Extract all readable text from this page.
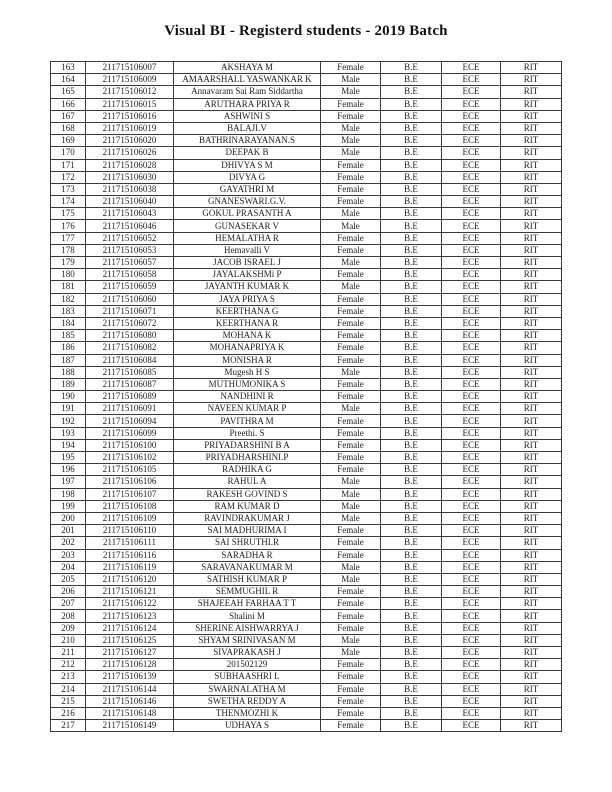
Visual BI - Registerd students - 2019 Batch
163	211715106007	AKSHAYA M	Female	B.E	ECE	RIT
164	211715106009	AMAARSHALL YASWANKAR K	Male	B.E	ECE	RIT
165	211715106012	Annavaram Sai Ram Siddartha	Male	B.E	ECE	RIT
166	211715106015	ARUTHARA PRIYA R	Female	B.E	ECE	RIT
167	211715106016	ASHWINI S	Female	B.E	ECE	RIT
168	211715106019	BALAJI.V	Male	B.E	ECE	RIT
169	211715106020	BATHRINARAYANAN.S	Male	B.E	ECE	RIT
170	211715106026	DEEPAK B	Male	B.E	ECE	RIT
171	211715106028	DHIVYA S M	Female	B.E	ECE	RIT
172	211715106030	DIVYA G	Female	B.E	ECE	RIT
173	211715106038	GAYATHRI M	Female	B.E	ECE	RIT
174	211715106040	GNANESWARI.G.V.	Female	B.E	ECE	RIT
175	211715106043	GOKUL PRASANTH A	Male	B.E	ECE	RIT
176	211715106046	GUNASEKAR V	Male	B.E	ECE	RIT
177	211715106052	HEMALATHA R	Female	B.E	ECE	RIT
178	211715106053	Hemavalli V	Female	B.E	ECE	RIT
179	211715106057	JACOB ISRAEL J	Male	B.E	ECE	RIT
180	211715106058	JAYALAKSHMi P	Female	B.E	ECE	RIT
181	211715106059	JAYANTH KUMAR K	Male	B.E	ECE	RIT
182	211715106060	JAYA PRIYA S	Female	B.E	ECE	RIT
183	211715106071	KEERTHANA G	Female	B.E	ECE	RIT
184	211715106072	KEERTHANA R	Female	B.E	ECE	RIT
185	211715106080	MOHANA K	Female	B.E	ECE	RIT
186	211715106082	MOHANAPRIYA K	Female	B.E	ECE	RIT
187	211715106084	MONISHA R	Female	B.E	ECE	RIT
188	211715106085	Mugesh H S	Male	B.E	ECE	RIT
189	211715106087	MUTHUMONIKA S	Female	B.E	ECE	RIT
190	211715106089	NANDHINI R	Female	B.E	ECE	RIT
191	211715106091	NAVEEN KUMAR P	Male	B.E	ECE	RIT
192	211715106094	PAVITHRA M	Female	B.E	ECE	RIT
193	211715106099	Preethi. S	Female	B.E	ECE	RIT
194	211715106100	PRIYADARSHINI B A	Female	B.E	ECE	RIT
195	211715106102	PRIYADHARSHINI.P	Female	B.E	ECE	RIT
196	211715106105	RADHIKA G	Female	B.E	ECE	RIT
197	211715106106	RAHUL A	Male	B.E	ECE	RIT
198	211715106107	RAKESH GOVIND S	Male	B.E	ECE	RIT
199	211715106108	RAM KUMAR D	Male	B.E	ECE	RIT
200	211715106109	RAVINDRAKUMAR J	Male	B.E	ECE	RIT
201	211715106110	SAI MADHURIMA I	Female	B.E	ECE	RIT
202	211715106111	SAI SHRUTHI.R	Female	B.E	ECE	RIT
203	211715106116	SARADHA R	Female	B.E	ECE	RIT
204	211715106119	SARAVANAKUMAR M	Male	B.E	ECE	RIT
205	211715106120	SATHISH KUMAR P	Male	B.E	ECE	RIT
206	211715106121	SEMMUGHIL R	Female	B.E	ECE	RIT
207	211715106122	SHAJEEAH FARHAA T T	Female	B.E	ECE	RIT
208	211715106123	Shalini M	Female	B.E	ECE	RIT
209	211715106124	SHERINE AISHWARRYA J	Female	B.E	ECE	RIT
210	211715106125	SHYAM SRINIVASAN M	Male	B.E	ECE	RIT
211	211715106127	SIVAPRAKASH J	Male	B.E	ECE	RIT
212	211715106128	201502129	Female	B.E	ECE	RIT
213	211715106139	SUBHAASHRI L	Female	B.E	ECE	RIT
214	211715106144	SWARNALATHA M	Female	B.E	ECE	RIT
215	211715106146	SWETHA REDDY A	Female	B.E	ECE	RIT
216	211715106148	THENMOZHI K	Female	B.E	ECE	RIT
217	211715106149	UDHAYA S	Female	B.E	ECE	RIT
